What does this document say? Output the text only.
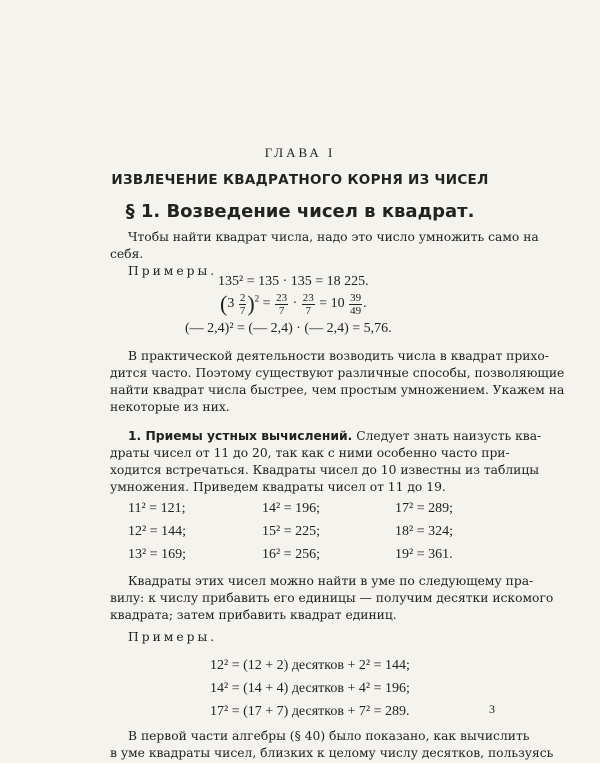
ГЛАВА I
ИЗВЛЕЧЕНИЕ КВАДРАТНОГО КОРНЯ ИЗ ЧИСЕЛ
§ 1. Возведение чисел в квадрат.
Чтобы найти квадрат числа, надо это число умножить само на
себя.
Примеры.
135² = 135 · 135 = 18 225.
$(3 \frac{2}{7} )^2 = \frac{23}{7} \cdot \frac{23}{7} = 10 \frac{39}{49}$ .
(— 2,4)² = (— 2,4) · (— 2,4) = 5,76.
В практической деятельности возводить числа в квадрат прихо-
дится часто. Поэтому существуют различные способы, позволяющие
найти квадрат числа быстрее, чем простым умножением. Укажем на
некоторые из них.
1. Приемы устных вычислений. Следует знать наизусть ква-
драты чисел от 11 до 20, так как с ними особенно часто при-
ходится встречаться. Квадраты чисел до 10 известны из таблицы
умножения. Приведем квадраты чисел от 11 до 19.
11² = 121;	14² = 196;	17² = 289;
12² = 144;	15² = 225;	18² = 324;
13² = 169;	16² = 256;	19² = 361.
Квадраты этих чисел можно найти в уме по следующему пра-
вилу: к числу прибавить его единицы — получим десятки искомого
квадрата; затем прибавить квадрат единиц.
Примеры.
12² = (12 + 2) десятков + 2² = 144;
14² = (14 + 4) десятков + 4² = 196;
17² = (17 + 7) десятков + 7² = 289.
В первой части алгебры (§ 40) было показано, как вычислить
в уме квадраты чисел, близких к целому числу десятков, пользуясь
3
